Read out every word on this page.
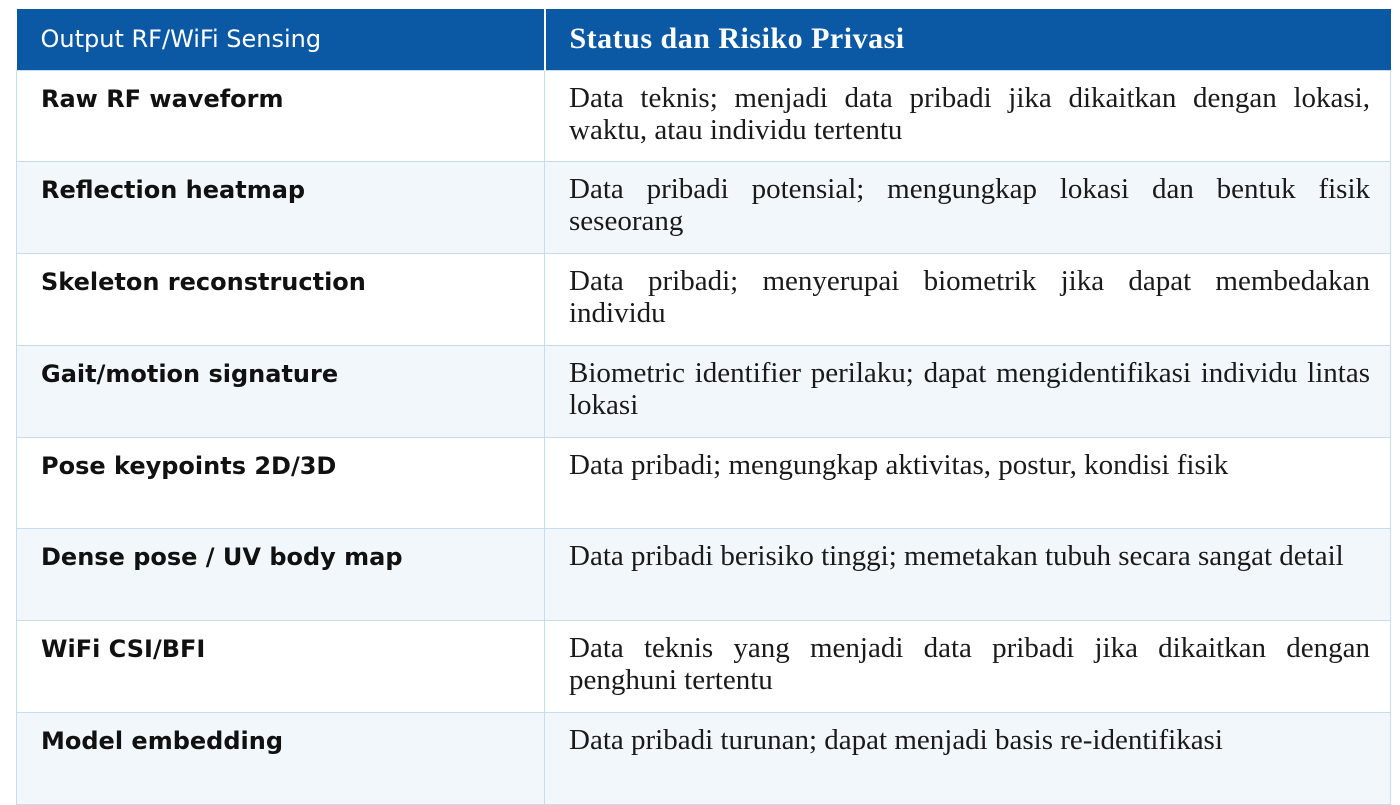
Output RF/WiFi Sensing	Status dan Risiko Privasi
Raw RF waveform	Data teknis; menjadi data pribadi jika dikaitkan dengan lokasi, waktu, atau individu tertentu
Reflection heatmap	Data pribadi potensial; mengungkap lokasi dan bentuk fisik seseorang
Skeleton reconstruction	Data pribadi; menyerupai biometrik jika dapat membedakan individu
Gait/motion signature	Biometric identifier perilaku; dapat mengidentifikasi individu lintas lokasi
Pose keypoints 2D/3D	Data pribadi; mengungkap aktivitas, postur, kondisi fisik
Dense pose / UV body map	Data pribadi berisiko tinggi; memetakan tubuh secara sangat detail
WiFi CSI/BFI	Data teknis yang menjadi data pribadi jika dikaitkan dengan penghuni tertentu
Model embedding	Data pribadi turunan; dapat menjadi basis re-identifikasi
